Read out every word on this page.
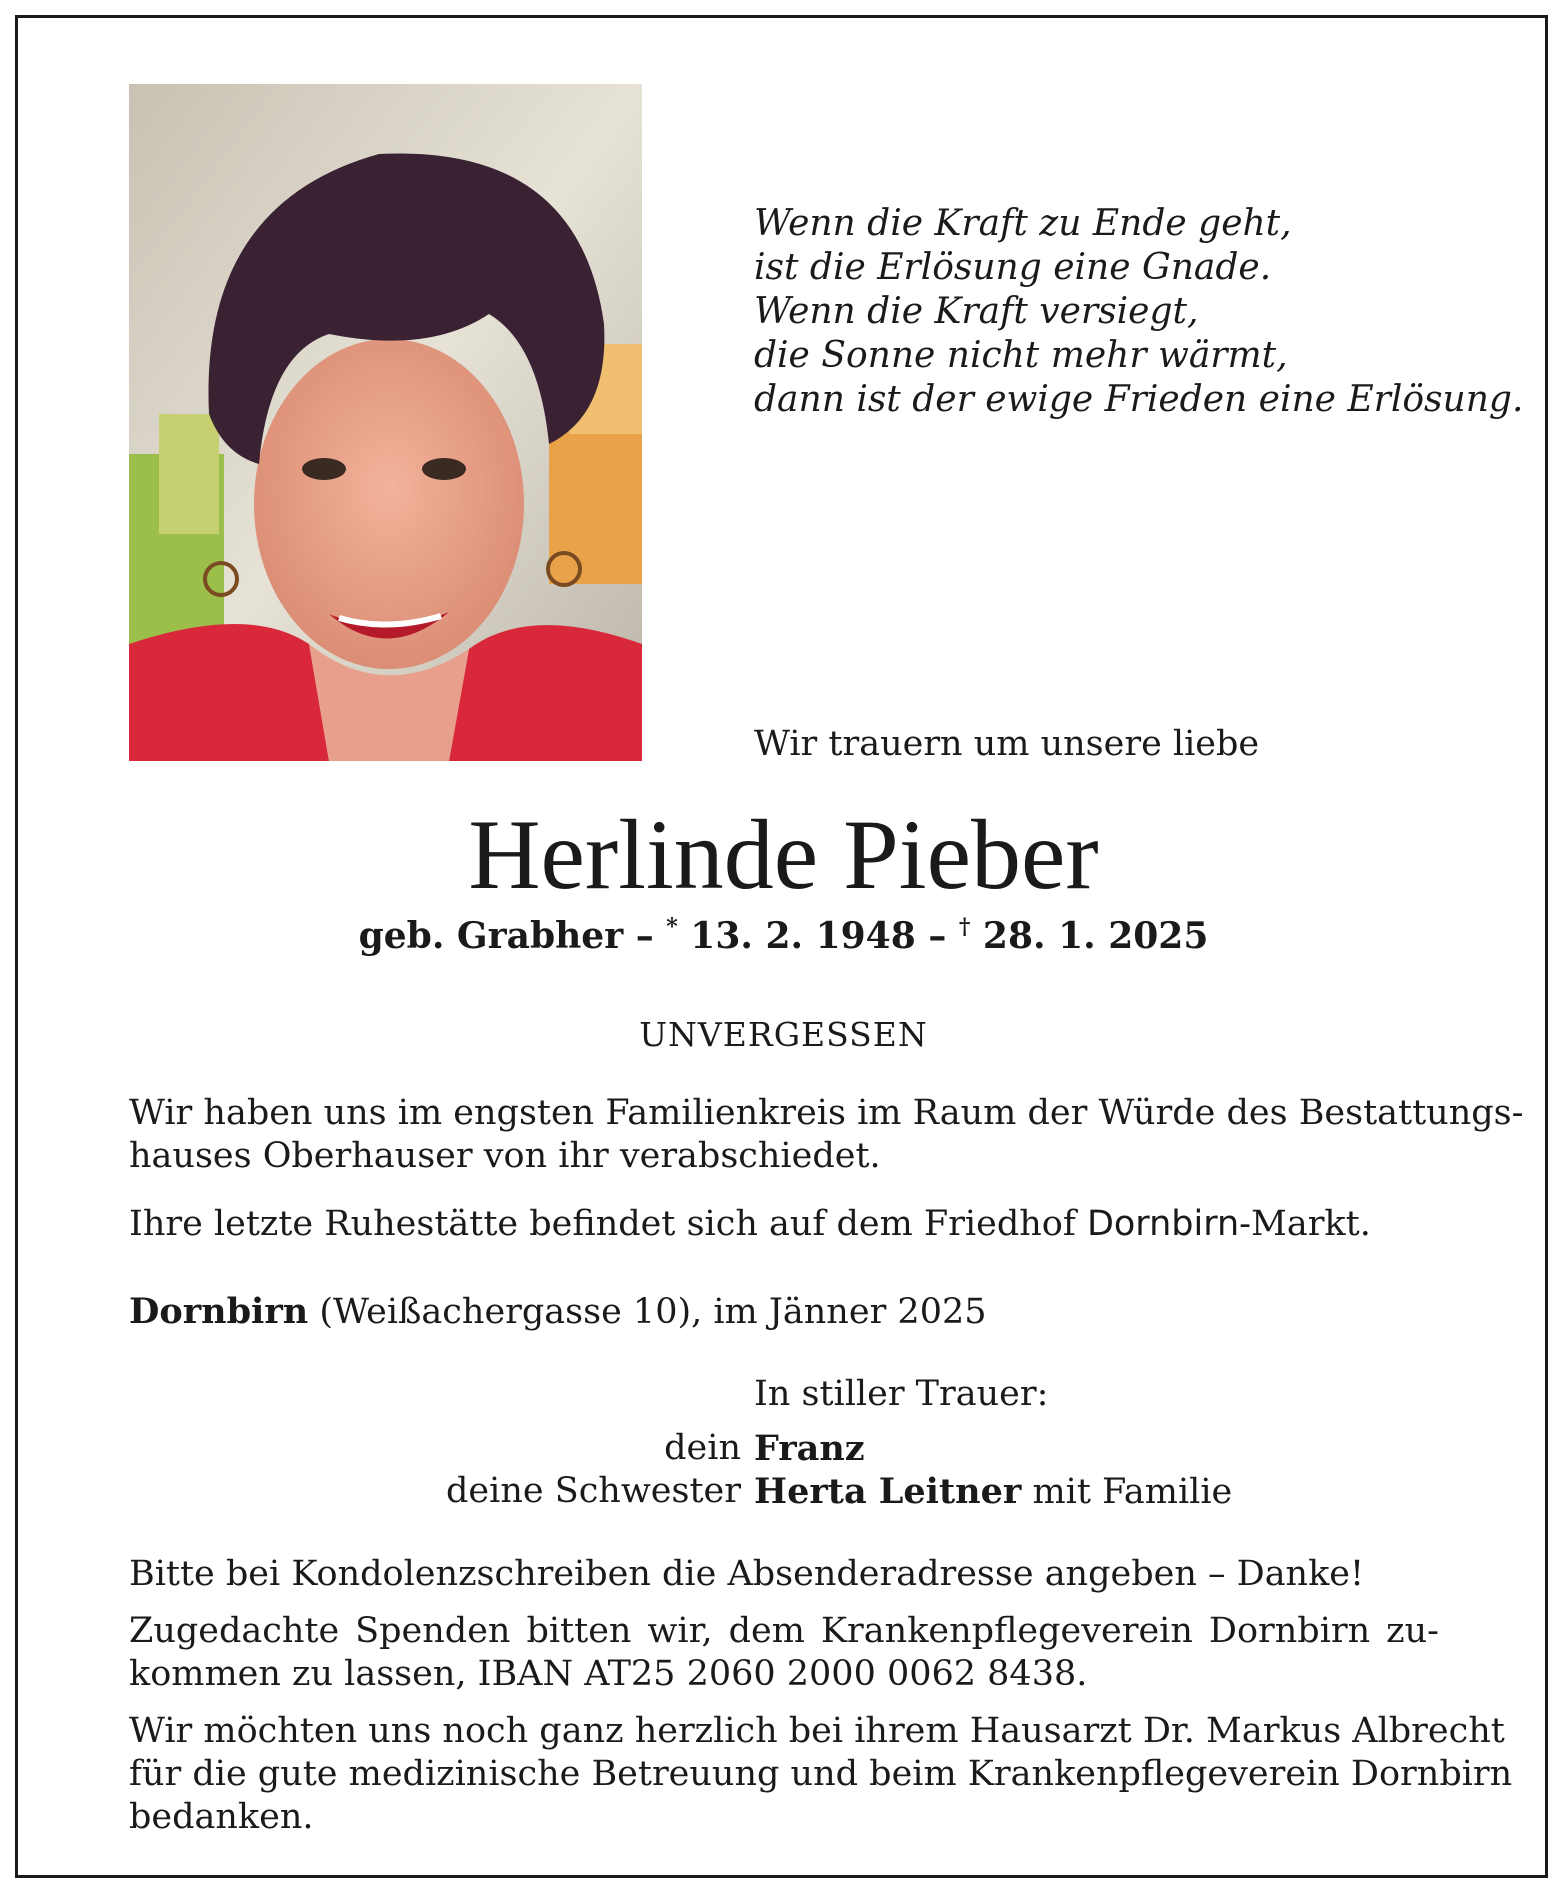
Wenn die Kraft zu Ende geht,
ist die Erlösung eine Gnade.
Wenn die Kraft versiegt,
die Sonne nicht mehr wärmt,
dann ist der ewige Frieden eine Erlösung.
Wir trauern um unsere liebe
Herlinde Pieber
geb. Grabher – * 13. 2. 1948 – † 28. 1. 2025
UNVERGESSEN
Wir haben uns im engsten Familienkreis im Raum der Würde des Bestattungs-
hauses Oberhauser von ihr verabschiedet.
Ihre letzte Ruhestätte befindet sich auf dem Friedhof Dornbirn-Markt.
Dornbirn (Weißachergasse 10), im Jänner 2025
In stiller Trauer:
dein Franz
deine Schwester Herta Leitner mit Familie
Bitte bei Kondolenzschreiben die Absenderadresse angeben – Danke!
Zugedachte Spenden bitten wir, dem Krankenpflegeverein Dornbirn zu-
kommen zu lassen, IBAN AT25 2060 2000 0062 8438.
Wir möchten uns noch ganz herzlich bei ihrem Hausarzt Dr. Markus Albrecht
für die gute medizinische Betreuung und beim Krankenpflegeverein Dornbirn
bedanken.
